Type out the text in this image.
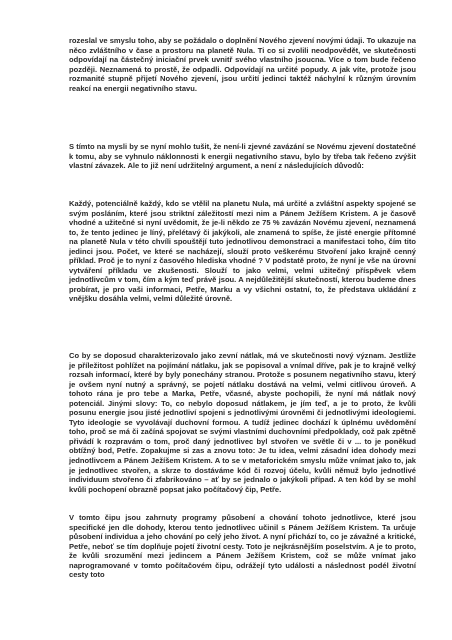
rozeslal ve smyslu toho, aby se požádalo o doplnění Nového zjevení novými údaji. To ukazuje na něco zvláštního v čase a prostoru na planetě Nula. Ti co si zvolili neodpovědět, ve skutečnosti odpovídají na částečný iniciační prvek uvnitř svého vlastního jsoucna. Více o tom bude řečeno později. Neznamená to prostě, že odpadli. Odpovídají na určité popudy. A jak víte, protože jsou rozmanité stupně přijetí Nového zjevení, jsou určití jedinci taktéž náchylní k různým úrovním reakcí na energii negativního stavu.

S tímto na mysli by se nyní mohlo tušit, že není-li zjevné zavázání se Novému zjevení dostatečné k tomu, aby se vyhnulo náklonnosti k energii negativního stavu, bylo by třeba tak řečeno zvýšit vlastní závazek. Ale to již není udržitelný argument, a není z následujících důvodů:

Každý, potenciálně každý, kdo se vtělil na planetu Nula, má určité a zvláštní aspekty spojené se svým posláním, které jsou striktní záležitostí mezi nim a Pánem Ježíšem Kristem. A je časově vhodné a užitečné si nyní uvědomit, že je-li někdo ze 75 % zavázán Novému zjevení, neznamená to, že tento jedinec je líný, přelétavý či jakýkoli, ale znamená to spíše, že jisté energie přítomné na planetě Nula v této chvíli spouštějí tuto jednotlivou demonstraci a manifestaci toho, čím tito jedinci jsou. Počet, ve které se nacházejí, slouží proto veškerému Stvoření jako krajně cenný příklad. Proč je to nyní z časového hlediska vhodné ? V podstatě proto, že nyní je vše na úrovni vytváření příkladu ve zkušenosti. Slouží to jako velmi, velmi užitečný příspěvek všem jednotlivcům v tom, čím a kým teď právě jsou. A nejdůležitější skutečností, kterou budeme dnes probírat, je pro vaši informaci, Petře, Marku a vy všichni ostatní, to, že představa ukládání z vnějšku dosáhla velmi, velmi důležité úrovně.

Co by se doposud charakterizovalo jako zevní nátlak, má ve skutečnosti nový význam. Jestliže je příležitost pohlížet na pojímání nátlaku, jak se popisoval a vnímal dříve, pak je to krajně velký rozsah informací, které by byly ponechány stranou. Protože s posunem negativního stavu, který je ovšem nyní nutný a správný, se pojetí nátlaku dostává na velmi, velmi citlivou úroveň. A tohoto rána je pro tebe a Marka, Petře, včasné, abyste pochopili, že nyní má nátlak nový potenciál. Jinými slovy: To, co nebylo doposud nátlakem, je jím teď, a je to proto, že kvůli posunu energie jsou jisté jednotliví spojeni s jednotlivými úrovněmi či jednotlivými ideologiemi. Tyto ideologie se vyvolávají duchovní formou. A tudíž jedinec dochází k úplnému uvědomění toho, proč se má či začíná spojovat se svými vlastními duchovními předpoklady, což pak zpětně přivádí k rozpravám o tom, proč daný jednotlivec byl stvořen ve světle či v ... to je poněkud obtížný bod, Petře. Zopakujme si zas a znovu toto: Je tu idea, velmi zásadní idea dohody mezi jednotlivcem a Pánem Ježíšem Kristem. A to se v metaforickém smyslu může vnímat jako to, jak je jednotlivec stvořen, a skrze to dostáváme kód či rozvoj účelu, kvůli němuž bylo jednotlivé individuum stvořeno či zfabrikováno – ať by se jednalo o jakýkoli případ. A ten kód by se mohl kvůli pochopení obrazně popsat jako počítačový čip, Petře.

V tomto čipu jsou zahrnuty programy působení a chování tohoto jednotlivce, které jsou specifické jen dle dohody, kterou tento jednotlivec učinil s Pánem Ježíšem Kristem. Ta určuje působení individua a jeho chování po celý jeho život. A nyní přichází to, co je závažné a kritické, Petře, neboť se tím doplňuje pojetí životní cesty. Toto je nejkrásnějším poselstvím. A je to proto, že kvůli srozumění mezi jedincem a Pánem Ježíšem Kristem, což se může vnímat jako naprogramované v tomto počítačovém čipu, odrážejí tyto události a následnost podél životní cesty toto
